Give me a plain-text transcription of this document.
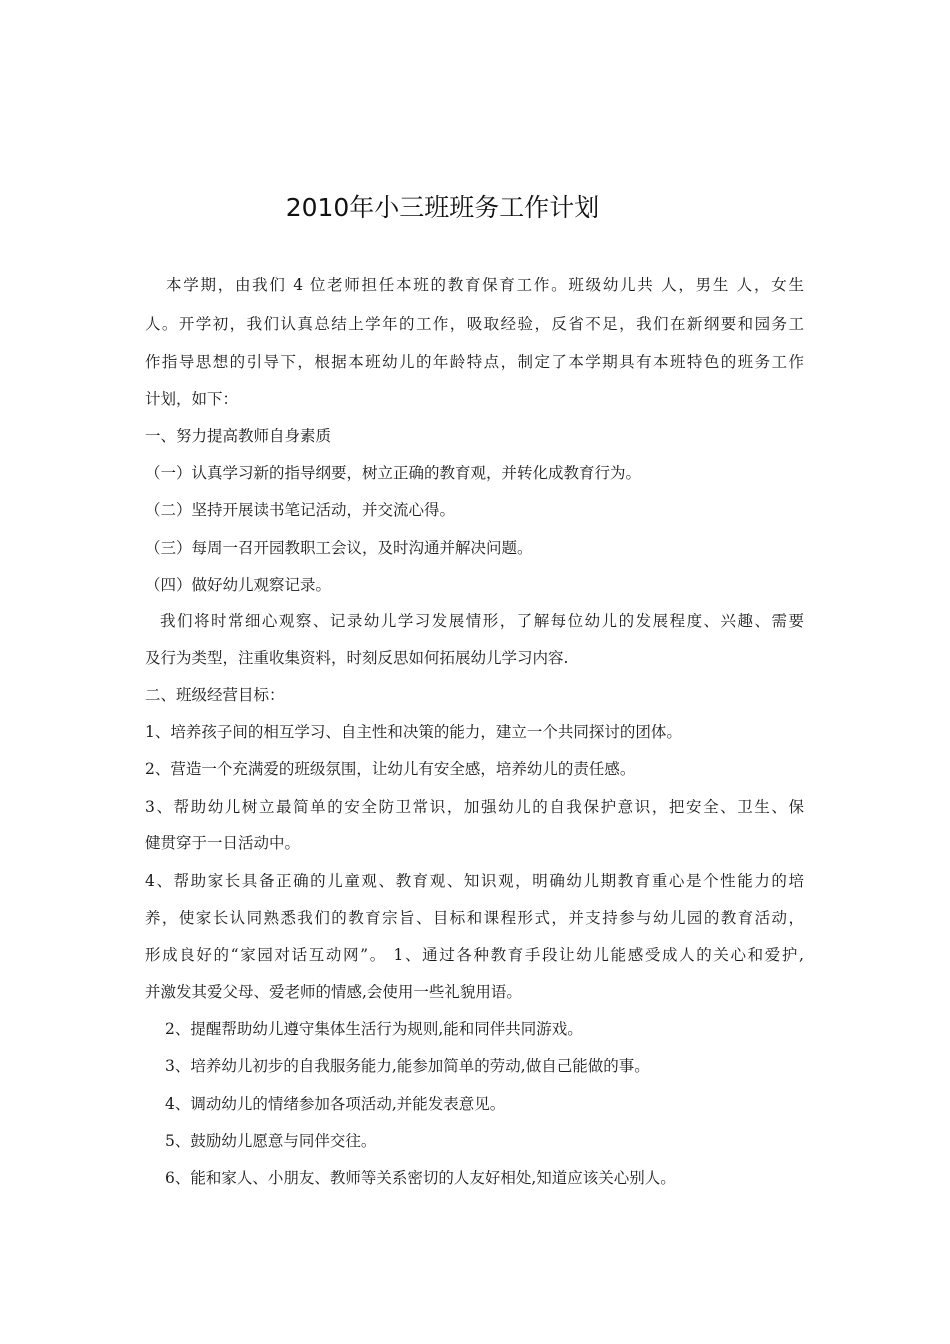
2010年小三班班务工作计划
本学期，由我们 4 位老师担任本班的教育保育工作。班级幼儿共 人，男生 人，女生
人。开学初，我们认真总结上学年的工作，吸取经验，反省不足，我们在新纲要和园务工
作指导思想的引导下，根据本班幼儿的年龄特点，制定了本学期具有本班特色的班务工作
计划，如下：
一、努力提高教师自身素质
（一）认真学习新的指导纲要，树立正确的教育观，并转化成教育行为。
（二）坚持开展读书笔记活动，并交流心得。
（三）每周一召开园教职工会议，及时沟通并解决问题。
（四）做好幼儿观察记录。
我们将时常细心观察、记录幼儿学习发展情形，了解每位幼儿的发展程度、兴趣、需要
及行为类型，注重收集资料，时刻反思如何拓展幼儿学习内容.
二、班级经营目标：
1、培养孩子间的相互学习、自主性和决策的能力，建立一个共同探讨的团体。
2、营造一个充满爱的班级氛围，让幼儿有安全感，培养幼儿的责任感。
3、帮助幼儿树立最简单的安全防卫常识，加强幼儿的自我保护意识，把安全、卫生、保
健贯穿于一日活动中。
4、帮助家长具备正确的儿童观、教育观、知识观，明确幼儿期教育重心是个性能力的培
养，使家长认同熟悉我们的教育宗旨、目标和课程形式，并支持参与幼儿园的教育活动，
形成良好的“家园对话互动网”。 1、通过各种教育手段让幼儿能感受成人的关心和爱护,
并激发其爱父母、爱老师的情感,会使用一些礼貌用语。
2、提醒帮助幼儿遵守集体生活行为规则,能和同伴共同游戏。
3、培养幼儿初步的自我服务能力,能参加简单的劳动,做自己能做的事。
4、调动幼儿的情绪参加各项活动,并能发表意见。
5、鼓励幼儿愿意与同伴交往。
6、能和家人、小朋友、教师等关系密切的人友好相处,知道应该关心别人。
